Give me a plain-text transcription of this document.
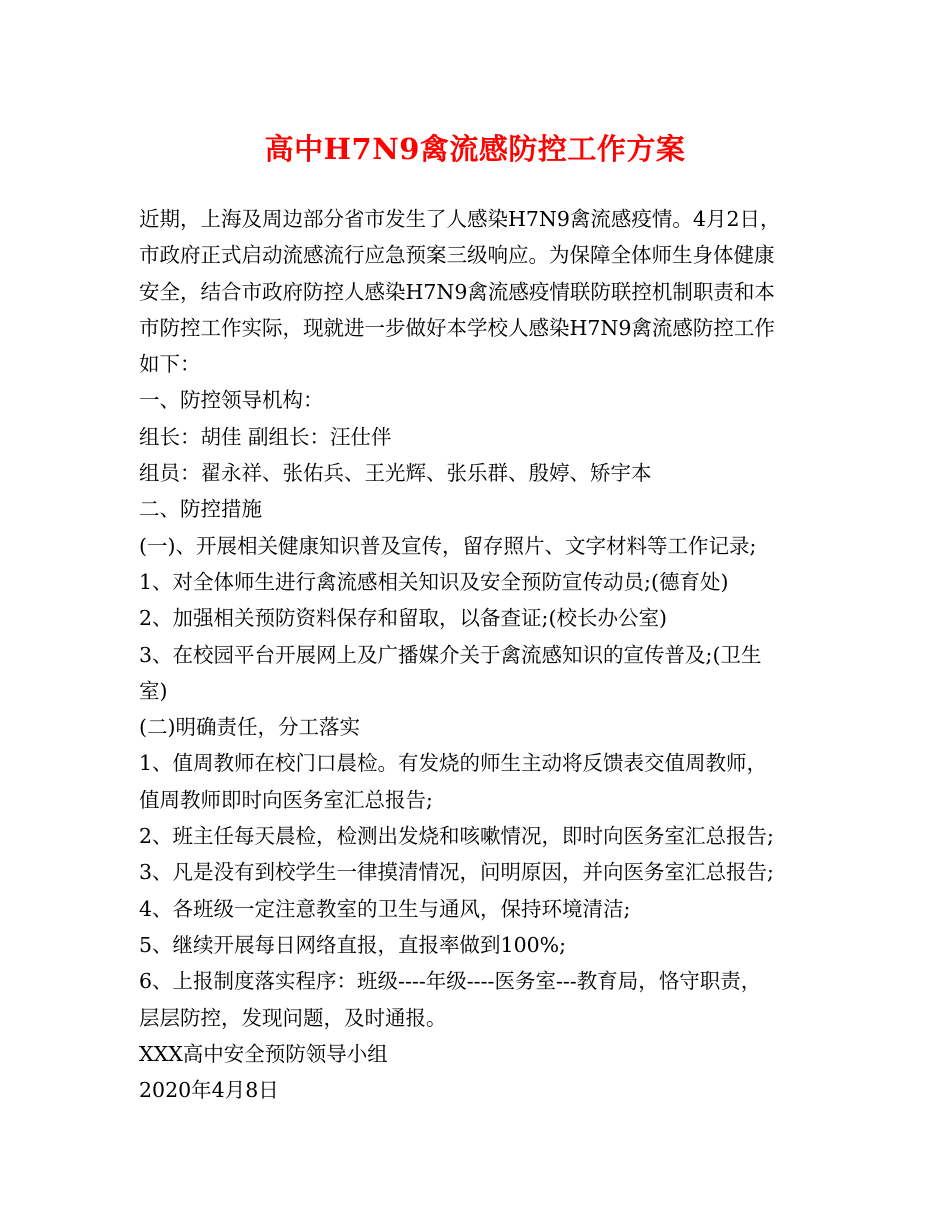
高中H7N9禽流感防控工作方案

近期，上海及周边部分省市发生了人感染H7N9禽流感疫情。4月2日，

市政府正式启动流感流行应急预案三级响应。为保障全体师生身体健康

安全，结合市政府防控人感染H7N9禽流感疫情联防联控机制职责和本

市防控工作实际，现就进一步做好本学校人感染H7N9禽流感防控工作

如下：

一、防控领导机构：

组长：胡佳 副组长：汪仕伴

组员：翟永祥、张佑兵、王光辉、张乐群、殷婷、矫宇本

二、防控措施

(一)、开展相关健康知识普及宣传，留存照片、文字材料等工作记录;

1、对全体师生进行禽流感相关知识及安全预防宣传动员;(德育处)

2、加强相关预防资料保存和留取，以备查证;(校长办公室)

3、在校园平台开展网上及广播媒介关于禽流感知识的宣传普及;(卫生

室)

(二)明确责任，分工落实

1、值周教师在校门口晨检。有发烧的师生主动将反馈表交值周教师，

值周教师即时向医务室汇总报告;

2、班主任每天晨检，检测出发烧和咳嗽情况，即时向医务室汇总报告;

3、凡是没有到校学生一律摸清情况，问明原因，并向医务室汇总报告;

4、各班级一定注意教室的卫生与通风，保持环境清洁;

5、继续开展每日网络直报，直报率做到100%;

6、上报制度落实程序：班级----年级----医务室---教育局，恪守职责，

层层防控，发现问题，及时通报。

XXX高中安全预防领导小组

2020年4月8日
